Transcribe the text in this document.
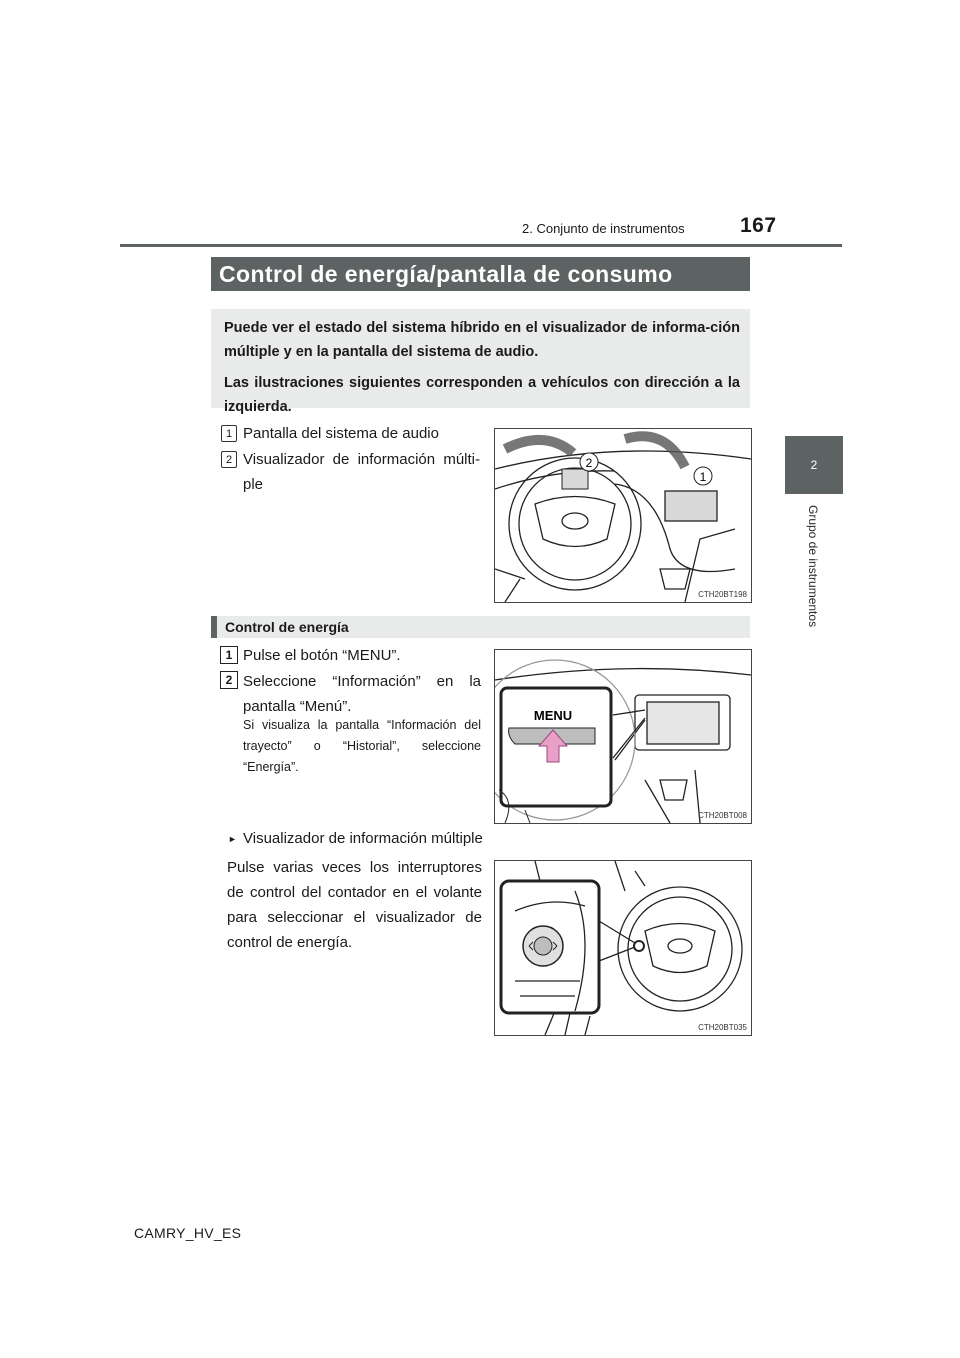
2. Conjunto de instrumentos	167
2
Grupo de instrumentos
Control de energía/pantalla de consumo

Puede ver el estado del sistema híbrido en el visualizador de informa-ción múltiple y en la pantalla del sistema de audio.

Las ilustraciones siguientes corresponden a vehículos con dirección a la izquierda.

1 Pantalla del sistema de audio
2 Visualizador de información múlti-ple
2
1
CTH20BT198
Control de energía
1 Pulse el botón “MENU”.
2 Seleccione “Información” en la pantalla “Menú”.
Si visualiza la pantalla “Información del trayecto” o “Historial”, seleccione “Energía”.
MENU
CTH20BT008
► Visualizador de información múltiple
Pulse varias veces los interruptores de control del contador en el volante para seleccionar el visualizador de control de energía.
CTH20BT035
CAMRY_HV_ES
